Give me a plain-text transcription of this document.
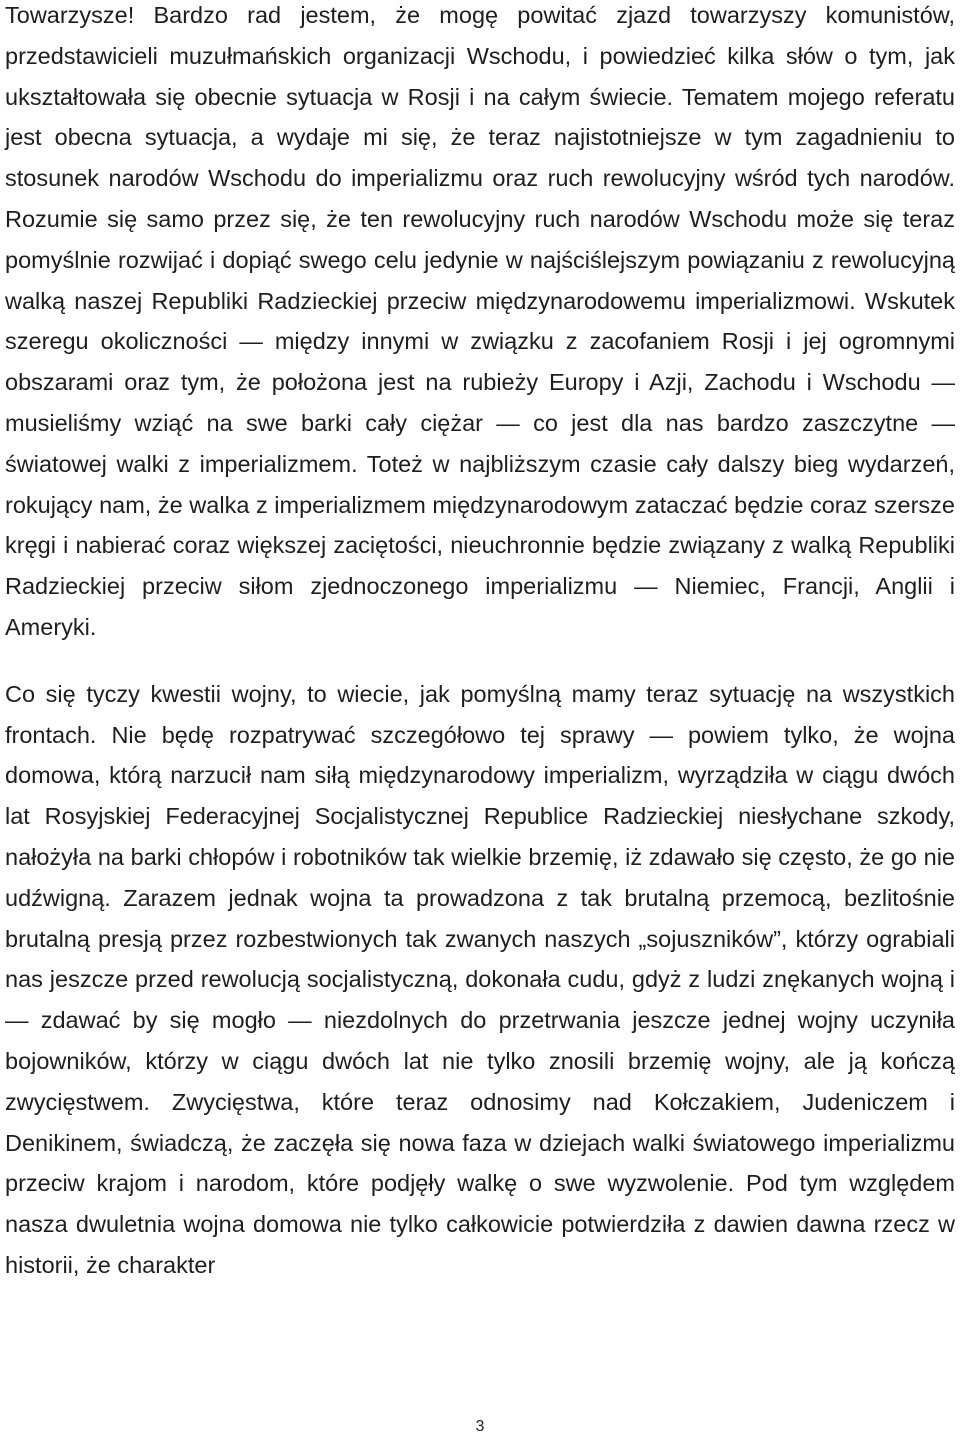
Towarzysze! Bardzo rad jestem, że mogę powitać zjazd towarzyszy komunistów, przedstawicieli muzułmańskich organizacji Wschodu, i powiedzieć kilka słów o tym, jak ukształtowała się obecnie sytuacja w Rosji i na całym świecie. Tematem mojego referatu jest obecna sytuacja, a wydaje mi się, że teraz najistotniejsze w tym zagadnieniu to stosunek narodów Wschodu do imperializmu oraz ruch rewolucyjny wśród tych narodów. Rozumie się samo przez się, że ten rewolucyjny ruch narodów Wschodu może się teraz pomyślnie rozwijać i dopiąć swego celu jedynie w najściślejszym powiązaniu z rewolucyjną walką naszej Republiki Radzieckiej przeciw międzynarodowemu imperializmowi. Wskutek szeregu okoliczności — między innymi w związku z zacofaniem Rosji i jej ogromnymi obszarami oraz tym, że położona jest na rubieży Europy i Azji, Zachodu i Wschodu — musieliśmy wziąć na swe barki cały ciężar — co jest dla nas bardzo zaszczytne — światowej walki z imperializmem. Toteż w najbliższym czasie cały dalszy bieg wydarzeń, rokujący nam, że walka z imperializmem międzynarodowym zataczać będzie coraz szersze kręgi i nabierać coraz większej zaciętości, nieuchronnie będzie związany z walką Republiki Radzieckiej przeciw siłom zjednoczonego imperializmu — Niemiec, Francji, Anglii i Ameryki.

Co się tyczy kwestii wojny, to wiecie, jak pomyślną mamy teraz sytuację na wszystkich frontach. Nie będę rozpatrywać szczegółowo tej sprawy — powiem tylko, że wojna domowa, którą narzucił nam siłą międzynarodowy imperializm, wyrządziła w ciągu dwóch lat Rosyjskiej Federacyjnej Socjalistycznej Republice Radzieckiej niesłychane szkody, nałożyła na barki chłopów i robotników tak wielkie brzemię, iż zdawało się często, że go nie udźwigną. Zarazem jednak wojna ta prowadzona z tak brutalną przemocą, bezlitośnie brutalną presją przez rozbestwionych tak zwanych naszych „sojuszników”, którzy ograbiali nas jeszcze przed rewolucją socjalistyczną, dokonała cudu, gdyż z ludzi znękanych wojną i — zdawać by się mogło — niezdolnych do przetrwania jeszcze jednej wojny uczyniła bojowników, którzy w ciągu dwóch lat nie tylko znosili brzemię wojny, ale ją kończą zwycięstwem. Zwycięstwa, które teraz odnosimy nad Kołczakiem, Judeniczem i Denikinem, świadczą, że zaczęła się nowa faza w dziejach walki światowego imperializmu przeciw krajom i narodom, które podjęły walkę o swe wyzwolenie. Pod tym względem nasza dwuletnia wojna domowa nie tylko całkowicie potwierdziła z dawien dawna rzecz w historii, że charakter

3
